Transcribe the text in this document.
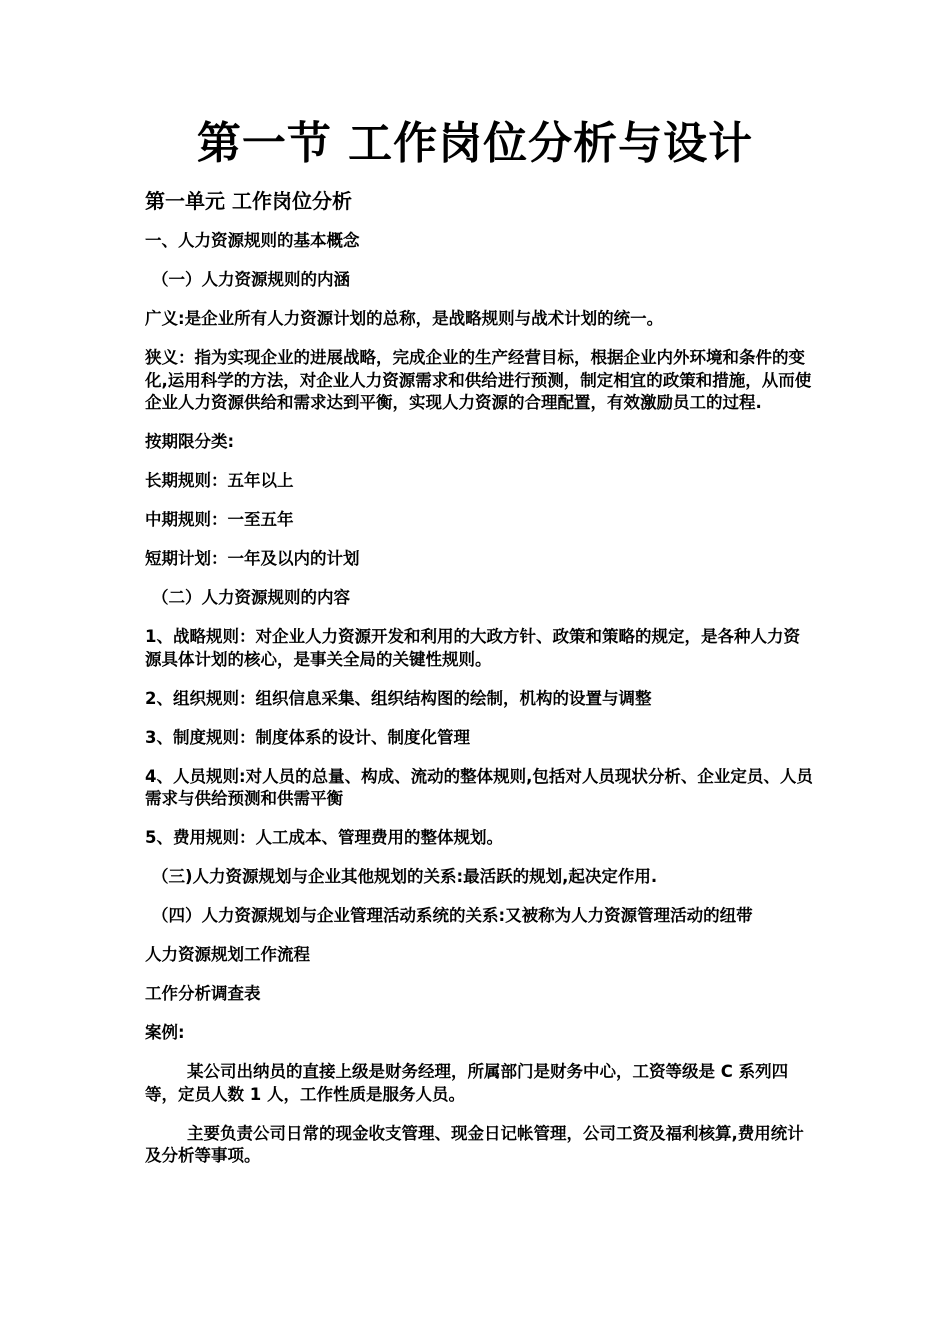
第一节 工作岗位分析与设计
第一单元 工作岗位分析

一、人力资源规则的基本概念

（一）人力资源规则的内涵

广义:是企业所有人力资源计划的总称，是战略规则与战术计划的统一。

狭义：指为实现企业的进展战略，完成企业的生产经营目标，根据企业内外环境和条件的变化,运用科学的方法，对企业人力资源需求和供给进行预测，制定相宜的政策和措施，从而使企业人力资源供给和需求达到平衡，实现人力资源的合理配置，有效激励员工的过程.

按期限分类:

长期规则：五年以上

中期规则：一至五年

短期计划：一年及以内的计划

（二）人力资源规则的内容

1、战略规则：对企业人力资源开发和利用的大政方针、政策和策略的规定，是各种人力资源具体计划的核心，是事关全局的关键性规则。

2、组织规则：组织信息采集、组织结构图的绘制，机构的设置与调整

3、制度规则：制度体系的设计、制度化管理

4、人员规则:对人员的总量、构成、流动的整体规则,包括对人员现状分析、企业定员、人员需求与供给预测和供需平衡

5、费用规则：人工成本、管理费用的整体规划。

（三)人力资源规划与企业其他规划的关系:最活跃的规划,起决定作用.

（四）人力资源规划与企业管理活动系统的关系:又被称为人力资源管理活动的纽带

人力资源规划工作流程

工作分析调查表

案例:

某公司出纳员的直接上级是财务经理，所属部门是财务中心，工资等级是 C 系列四等，定员人数 1 人，工作性质是服务人员。

主要负责公司日常的现金收支管理、现金日记帐管理，公司工资及福利核算,费用统计及分析等事项。
